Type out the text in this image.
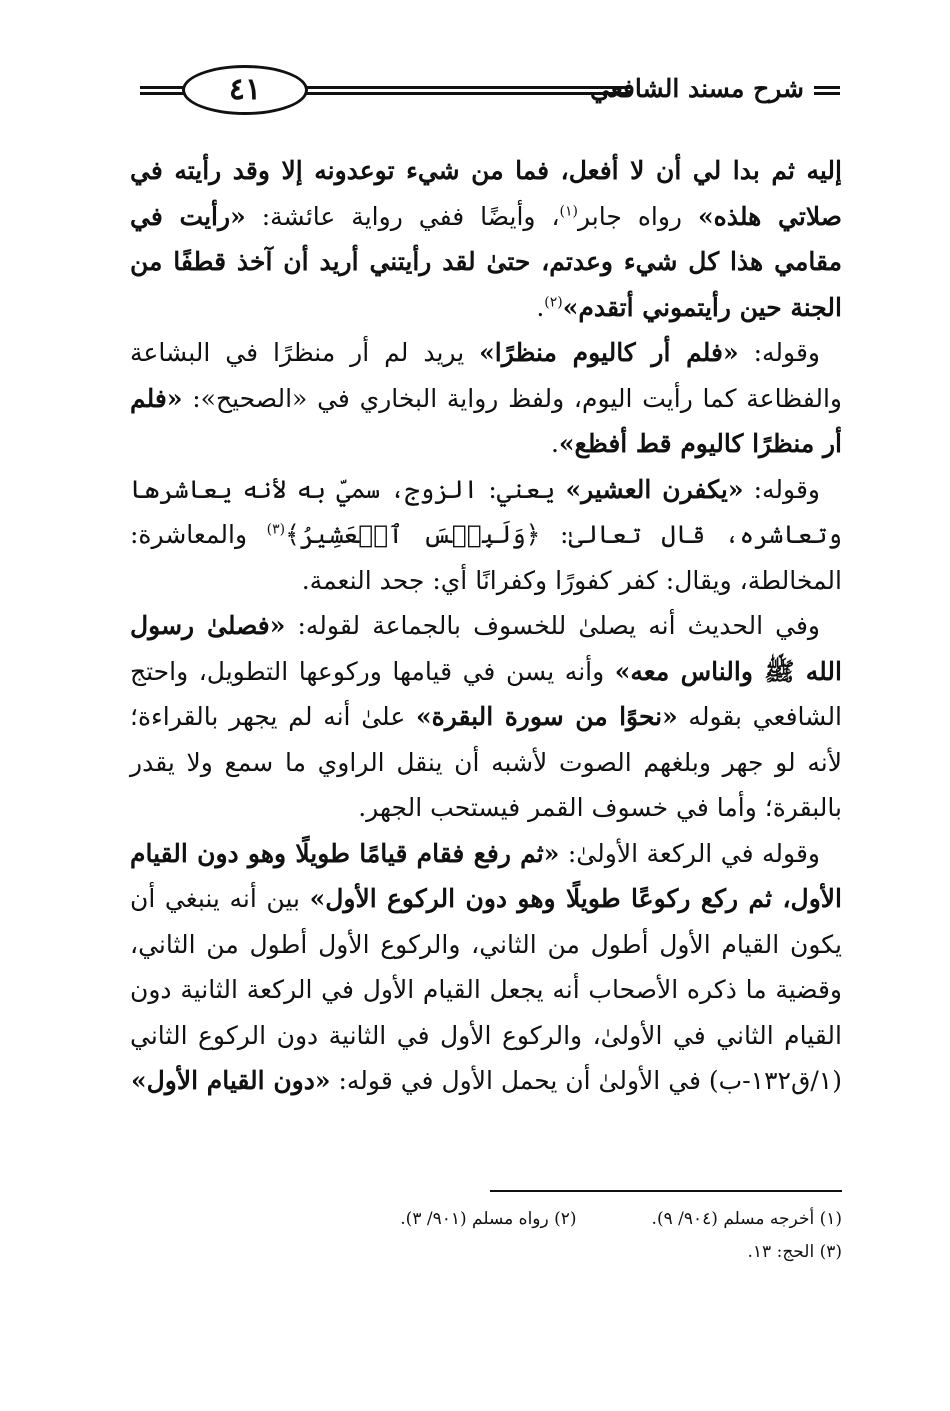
شرح مسند الشافعي
٤١

إليه ثم بدا لي أن لا أفعل، فما من شيء توعدونه إلا وقد رأيته في صلاتي هلذه» رواه جابر$^{(١)}$، وأيضًا ففي رواية عائشة: «رأيت في مقامي هذا كل شيء وعدتم، حتىٰ لقد رأيتني أريد أن آخذ قطفًا من الجنة حين رأيتموني أتقدم»$^{(٢)}$.

وقوله: «فلم أر كاليوم منظرًا» يريد لم أر منظرًا في البشاعة والفظاعة كما رأيت اليوم، ولفظ رواية البخاري في «الصحيح»: «فلم أر منظرًا كاليوم قط أفظع».

وقوله: «يكفرن العشير» يعني: الزوج، سميّ به لأنه يعاشرها وتعاشره، قال تعالىٰ: ﴿وَلَبِئۡسَ ٱلۡعَشِيرُ﴾$^{(٣)}$ والمعاشرة: المخالطة، ويقال: كفر كفورًا وكفرانًا أي: جحد النعمة.

وفي الحديث أنه يصلىٰ للخسوف بالجماعة لقوله: «فصلىٰ رسول الله ﷺ والناس معه» وأنه يسن في قيامها وركوعها التطويل، واحتج الشافعي بقوله «نحوًا من سورة البقرة» علىٰ أنه لم يجهر بالقراءة؛ لأنه لو جهر وبلغهم الصوت لأشبه أن ينقل الراوي ما سمع ولا يقدر بالبقرة؛ وأما في خسوف القمر فيستحب الجهر.

وقوله في الركعة الأولىٰ: «ثم رفع فقام قيامًا طويلًا وهو دون القيام الأول، ثم ركع ركوعًا طويلًا وهو دون الركوع الأول» بين أنه ينبغي أن يكون القيام الأول أطول من الثاني، والركوع الأول أطول من الثاني، وقضية ما ذكره الأصحاب أنه يجعل القيام الأول في الركعة الثانية دون القيام الثاني في الأولىٰ، والركوع الأول في الثانية دون الركوع الثاني (١/ق١٣٢-ب) في الأولىٰ أن يحمل الأول في قوله: «دون القيام الأول»

(١) أخرجه مسلم (٩٠٤/ ٩).(٢) رواه مسلم (٩٠١/ ٣).
(٣) الحج: ١٣.
